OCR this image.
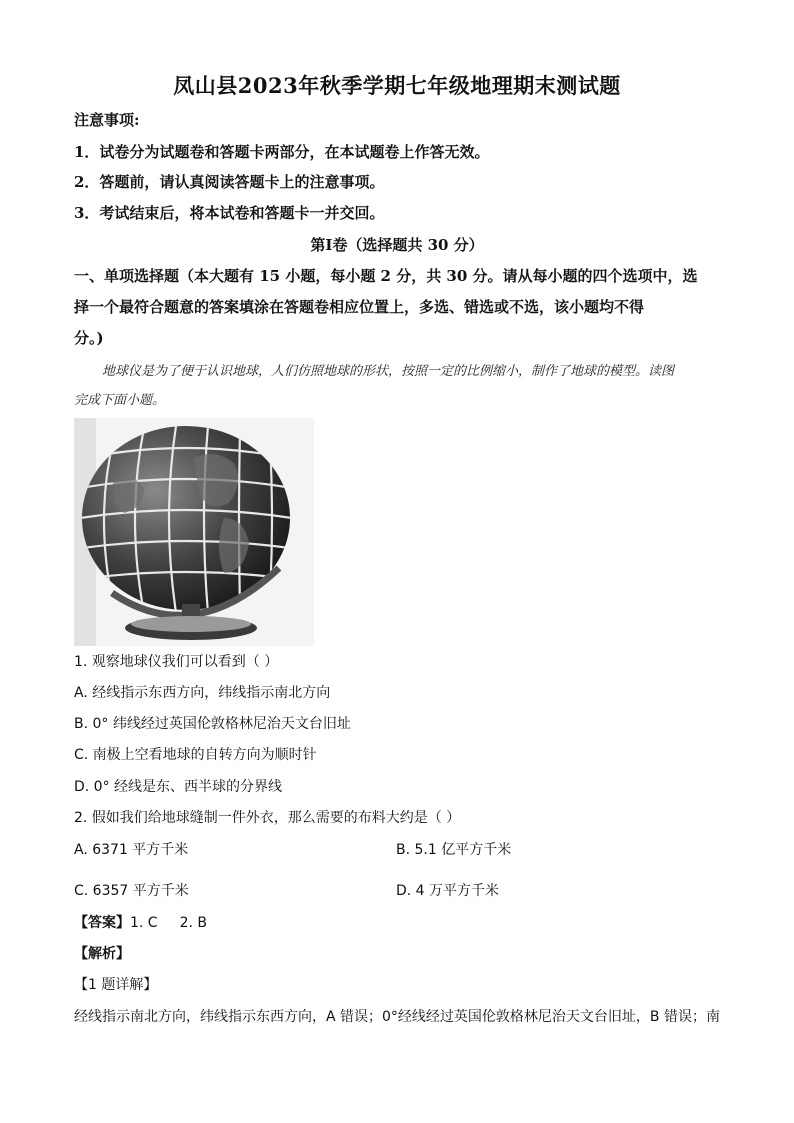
凤山县2023年秋季学期七年级地理期末测试题
注意事项:
1．试卷分为试题卷和答题卡两部分，在本试题卷上作答无效。
2．答题前，请认真阅读答题卡上的注意事项。
3．考试结束后，将本试卷和答题卡一并交回。
第Ⅰ卷（选择题共 30 分）
一、单项选择题（本大题有 15 小题，每小题 2 分，共 30 分。请从每小题的四个选项中，选
择一个最符合题意的答案填涂在答题卷相应位置上，多选、错选或不选，该小题均不得
分。)
地球仪是为了便于认识地球，人们仿照地球的形状，按照一定的比例缩小，制作了地球的模型。读图
完成下面小题。
1. 观察地球仪我们可以看到（ ）
A. 经线指示东西方向，纬线指示南北方向
B. 0° 纬线经过英国伦敦格林尼治天文台旧址
C. 南极上空看地球的自转方向为顺时针
D. 0° 经线是东、西半球的分界线
2. 假如我们给地球缝制一件外衣，那么需要的布料大约是（ ）
A. 6371 平方千米	B. 5.1 亿平方千米
C. 6357 平方千米	D. 4 万平方千米
【答案】1. C 2. B
【解析】
【1 题详解】
经线指示南北方向，纬线指示东西方向，A 错误；0°经线经过英国伦敦格林尼治天文台旧址，B 错误；南
